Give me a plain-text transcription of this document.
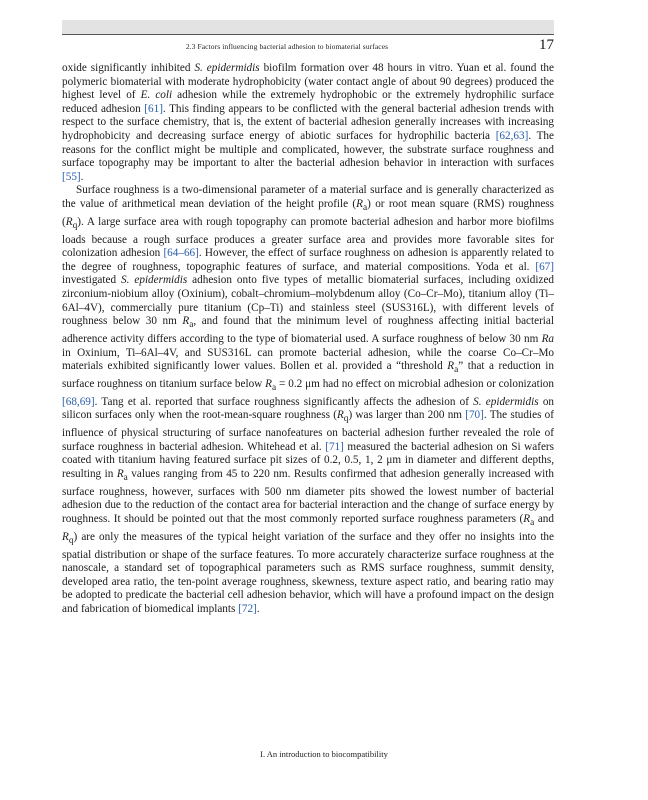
2.3 Factors influencing bacterial adhesion to biomaterial surfaces	17

oxide significantly inhibited S. epidermidis biofilm formation over 48 hours in vitro. Yuan et al. found the polymeric biomaterial with moderate hydrophobicity (water contact angle of about 90 degrees) produced the highest level of E. coli adhesion while the extremely hydrophobic or the extremely hydrophilic surface reduced adhesion [61]. This finding appears to be conflicted with the general bacterial adhesion trends with respect to the surface chemistry, that is, the extent of bacterial adhesion generally increases with increasing hydrophobicity and decreasing surface energy of abiotic surfaces for hydrophilic bacteria [62,63]. The reasons for the conflict might be multiple and complicated, however, the substrate surface roughness and surface topography may be important to alter the bacterial adhesion behavior in interaction with surfaces [55].

Surface roughness is a two-dimensional parameter of a material surface and is generally characterized as the value of arithmetical mean deviation of the height profile $(R_a)$ or root mean square (RMS) roughness $(R_q)$. A large surface area with rough topography can promote bacterial adhesion and harbor more biofilms loads because a rough surface produces a greater surface area and provides more favorable sites for colonization adhesion [64–66]. However, the effect of surface roughness on adhesion is apparently related to the degree of roughness, topographic features of surface, and material compositions. Yoda et al. [67] investigated S. epidermidis adhesion onto five types of metallic biomaterial surfaces, including oxidized zirconium-niobium alloy (Oxinium), cobalt–chromium–molybdenum alloy (Co–Cr–Mo), titanium alloy (Ti–6Al–4V), commercially pure titanium (Cp–Ti) and stainless steel (SUS316L), with different levels of roughness below 30 nm $R_a$, and found that the minimum level of roughness affecting initial bacterial adherence activity differs according to the type of biomaterial used. A surface roughness of below 30 nm Ra in Oxinium, Ti–6Al–4V, and SUS316L can promote bacterial adhesion, while the coarse Co–Cr–Mo materials exhibited significantly lower values. Bollen et al. provided a “threshold $R_a$” that a reduction in surface roughness on titanium surface below $R_a = 0.2$ μm had no effect on microbial adhesion or colonization [68,69]. Tang et al. reported that surface roughness significantly affects the adhesion of S. epidermidis on silicon surfaces only when the root-mean-square roughness $(R_q)$ was larger than 200 nm [70]. The studies of influence of physical structuring of surface nanofeatures on bacterial adhesion further revealed the role of surface roughness in bacterial adhesion. Whitehead et al. [71] measured the bacterial adhesion on Si wafers coated with titanium having featured surface pit sizes of 0.2, 0.5, 1, 2 μm in diameter and different depths, resulting in $R_a$ values ranging from 45 to 220 nm. Results confirmed that adhesion generally increased with surface roughness, however, surfaces with 500 nm diameter pits showed the lowest number of bacterial adhesion due to the reduction of the contact area for bacterial interaction and the change of surface energy by roughness. It should be pointed out that the most commonly reported surface roughness parameters ($R_a$ and $R_q$) are only the measures of the typical height variation of the surface and they offer no insights into the spatial distribution or shape of the surface features. To more accurately characterize surface roughness at the nanoscale, a standard set of topographical parameters such as RMS surface roughness, summit density, developed area ratio, the ten-point average roughness, skewness, texture aspect ratio, and bearing ratio may be adopted to predicate the bacterial cell adhesion behavior, which will have a profound impact on the design and fabrication of biomedical implants [72].

I. An introduction to biocompatibility
